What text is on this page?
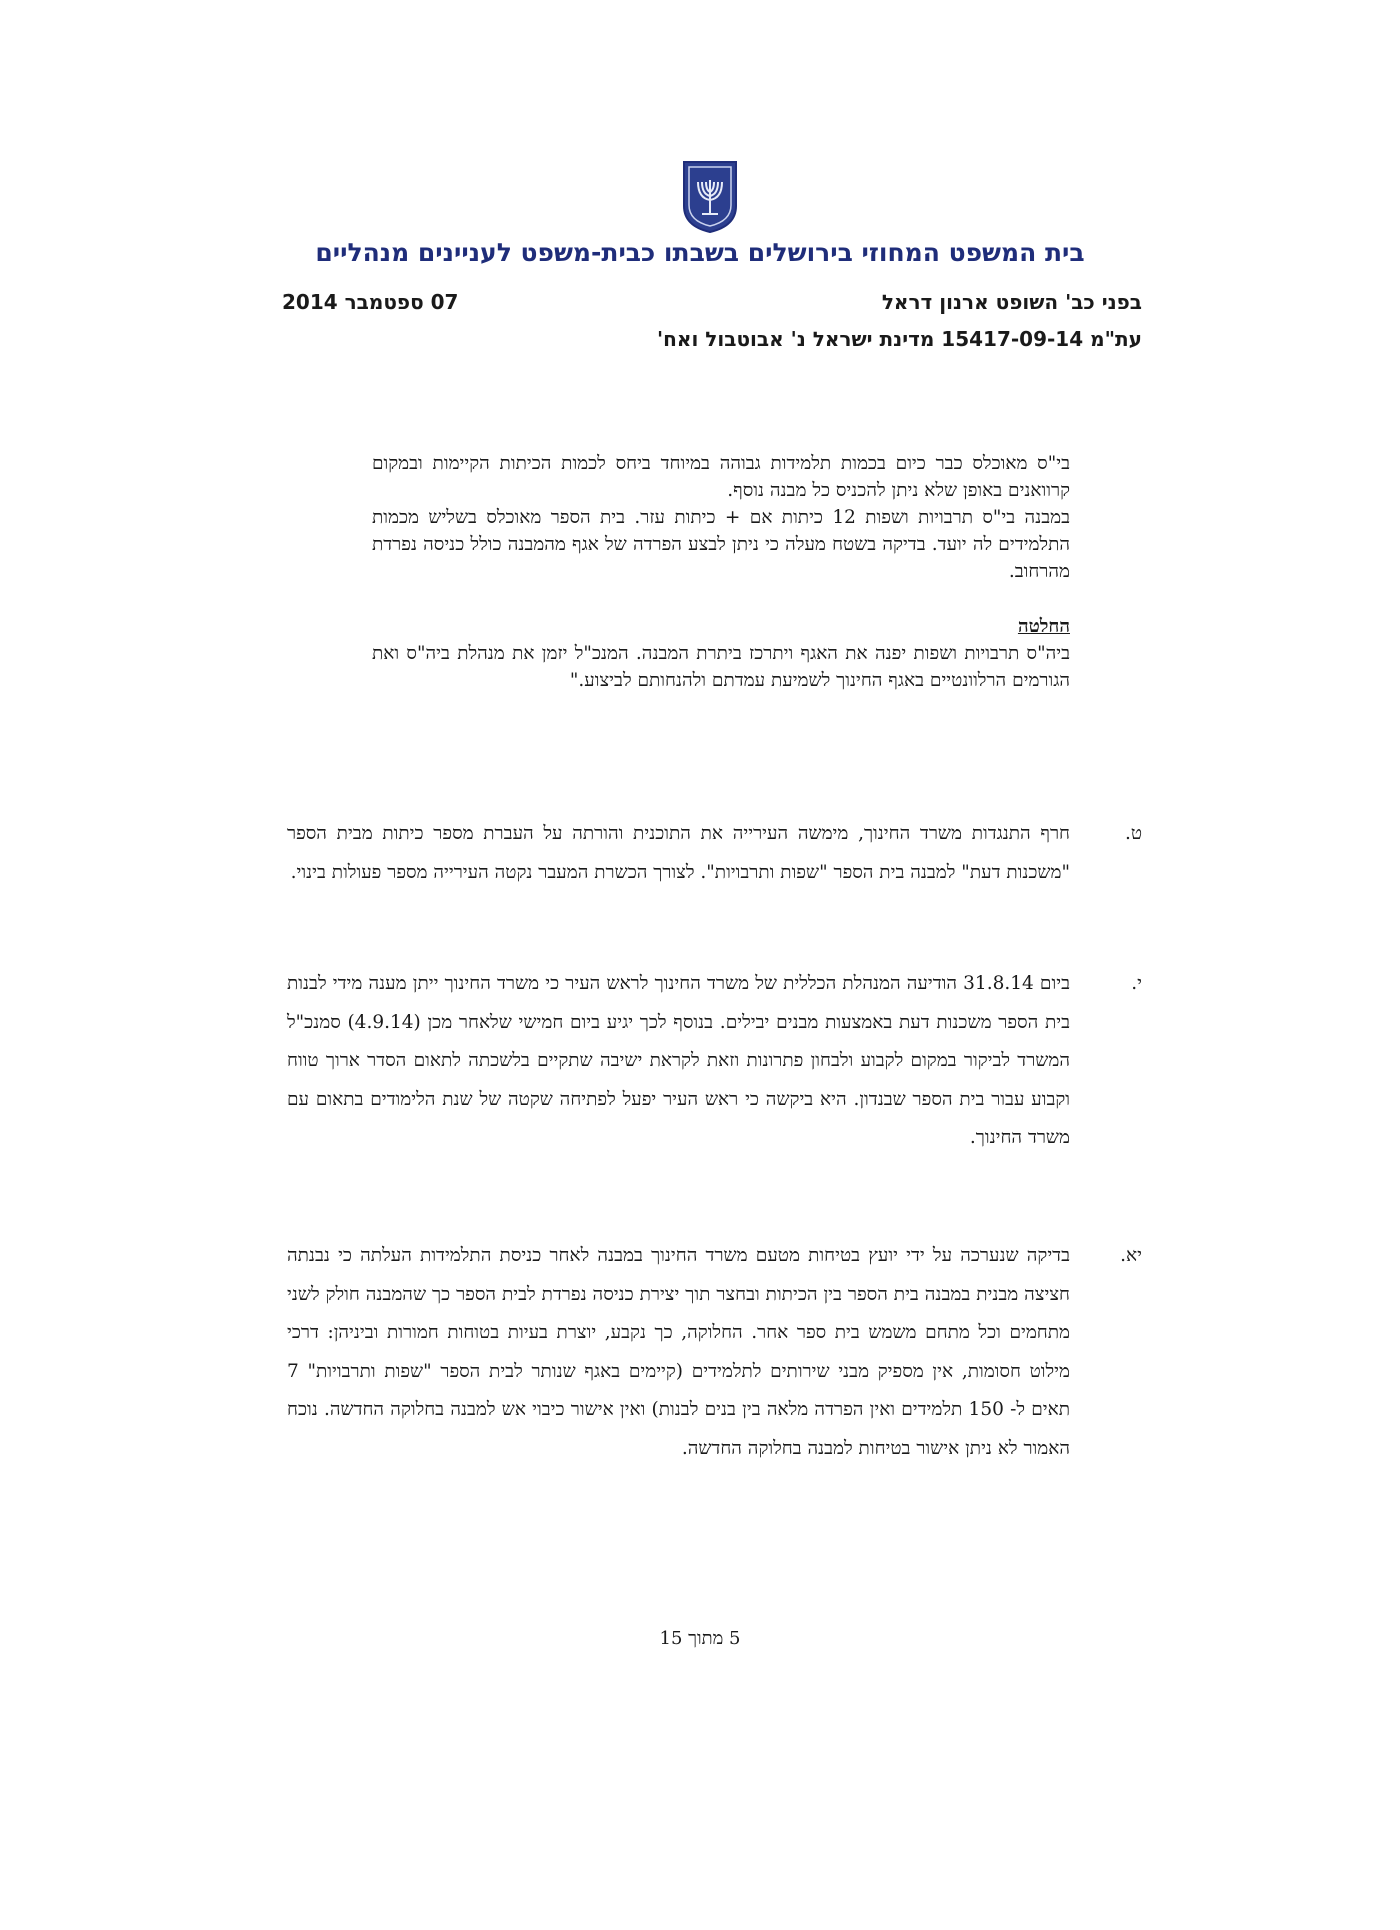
בית המשפט המחוזי בירושלים בשבתו כבית-משפט לעניינים מנהליים
בפני כב' השופט ארנון דראל
07 ספטמבר 2014
עת"מ 15417-09-14 מדינת ישראל נ' אבוטבול ואח'

בי"ס מאוכלס כבר כיום בכמות תלמידות גבוהה במיוחד ביחס לכמות הכיתות הקיימות ובמקום קרוואנים באופן שלא ניתן להכניס כל מבנה נוסף.

במבנה בי"ס תרבויות ושפות 12 כיתות אם + כיתות עזר. בית הספר מאוכלס בשליש מכמות התלמידים לה יועד. בדיקה בשטח מעלה כי ניתן לבצע הפרדה של אגף מהמבנה כולל כניסה נפרדת מהרחוב.

החלטה

ביה"ס תרבויות ושפות יפנה את האגף ויתרכז ביתרת המבנה. המנכ"ל יזמן את מנהלת ביה"ס ואת הגורמים הרלוונטיים באגף החינוך לשמיעת עמדתם ולהנחותם לביצוע."

ט.
חרף התנגדות משרד החינוך, מימשה העירייה את התוכנית והורתה על העברת מספר כיתות מבית הספר "משכנות דעת" למבנה בית הספר "שפות ותרבויות". לצורך הכשרת המעבר נקטה העירייה מספר פעולות בינוי.
י.
ביום 31.8.14 הודיעה המנהלת הכללית של משרד החינוך לראש העיר כי משרד החינוך ייתן מענה מידי לבנות בית הספר משכנות דעת באמצעות מבנים יבילים. בנוסף לכך יגיע ביום חמישי שלאחר מכן (4.9.14) סמנכ"ל המשרד לביקור במקום לקבוע ולבחון פתרונות וזאת לקראת ישיבה שתקיים בלשכתה לתאום הסדר ארוך טווח וקבוע עבור בית הספר שבנדון. היא ביקשה כי ראש העיר יפעל לפתיחה שקטה של שנת הלימודים בתאום עם משרד החינוך.
יא.
בדיקה שנערכה על ידי יועץ בטיחות מטעם משרד החינוך במבנה לאחר כניסת התלמידות העלתה כי נבנתה חציצה מבנית במבנה בית הספר בין הכיתות ובחצר תוך יצירת כניסה נפרדת לבית הספר כך שהמבנה חולק לשני מתחמים וכל מתחם משמש בית ספר אחר. החלוקה, כך נקבע, יוצרת בעיות בטוחות חמורות וביניהן: דרכי מילוט חסומות, אין מספיק מבני שירותים לתלמידים (קיימים באגף שנותר לבית הספר "שפות ותרבויות" 7 תאים ל- 150 תלמידים ואין הפרדה מלאה בין בנים לבנות) ואין אישור כיבוי אש למבנה בחלוקה החדשה. נוכח האמור לא ניתן אישור בטיחות למבנה בחלוקה החדשה.
5 מתוך 15
